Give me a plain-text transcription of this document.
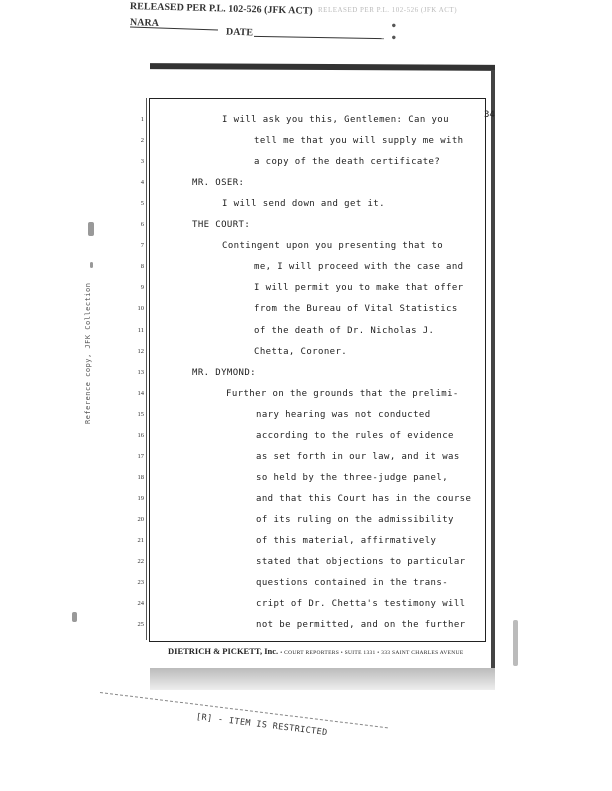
RELEASED PER P.L. 102-526 (JFK ACT)
NARA
DATE
RELEASED PER P.L. 102-526 (JFK ACT)
●
●
34
1	I will ask you this, Gentlemen: Can you
2	tell me that you will supply me with
3	a copy of the death certificate?
4	MR. OSER:
5	I will send down and get it.
6	THE COURT:
7	Contingent upon you presenting that to
8	me, I will proceed with the case and
9	I will permit you to make that offer
10	from the Bureau of Vital Statistics
11	of the death of Dr. Nicholas J.
12	Chetta, Coroner.
13	MR. DYMOND:
14	Further on the grounds that the prelimi-
15	nary hearing was not conducted
16	according to the rules of evidence
17	as set forth in our law, and it was
18	so held by the three-judge panel,
19	and that this Court has in the course
20	of its ruling on the admissibility
21	of this material, affirmatively
22	stated that objections to particular
23	questions contained in the trans-
24	cript of Dr. Chetta's testimony will
25	not be permitted, and on the further
DIETRICH & PICKETT, Inc. • COURT REPORTERS • SUITE 1331 • 333 SAINT CHARLES AVENUE
Reference copy, JFK Collection
[R] - ITEM IS RESTRICTED
